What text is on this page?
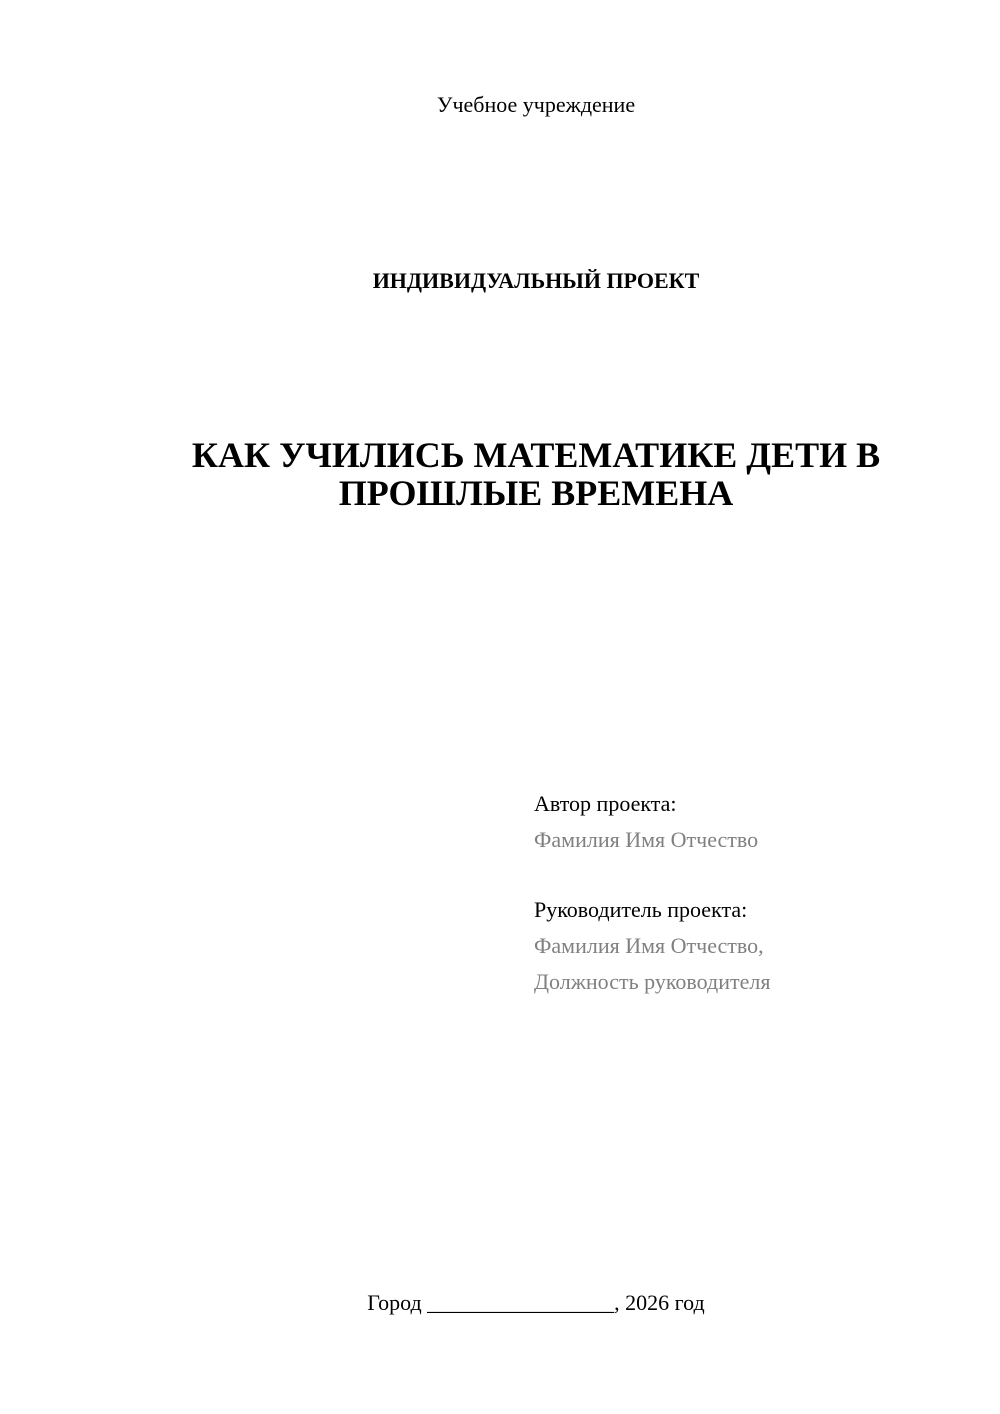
Учебное учреждение
ИНДИВИДУАЛЬНЫЙ ПРОЕКТ
КАК УЧИЛИСЬ МАТЕМАТИКЕ ДЕТИ В
ПРОШЛЫЕ ВРЕМЕНА
Автор проекта:
Фамилия Имя Отчество
Руководитель проекта:
Фамилия Имя Отчество,
Должность руководителя
Город _________________, 2026 год
